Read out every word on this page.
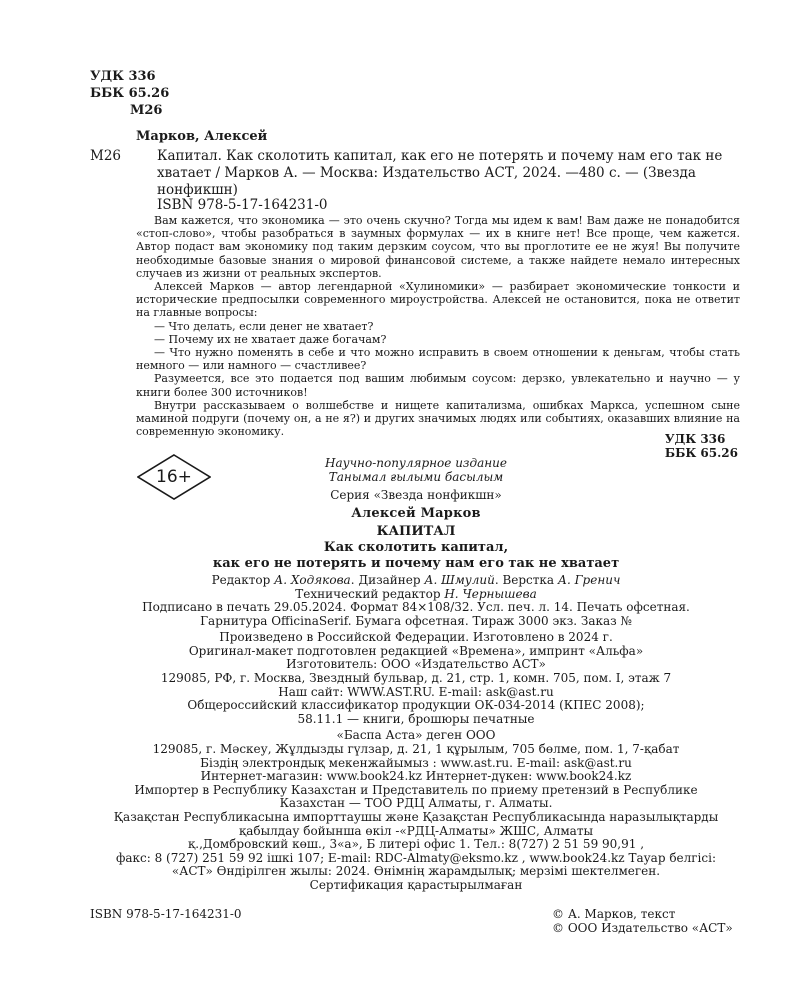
УДК 336
ББК 65.26
М26
Марков, Алексей
М26	Капитал. Как сколотить капитал, как его не потерять и почему нам его так не хватает / Марков А. — Москва: Издательство АСТ, 2024. —480 с. — (Звезда нонфикшн)
ISBN 978-5-17-164231-0

Вам кажется, что экономика — это очень скучно? Тогда мы идем к вам! Вам даже не понадобится «стоп-слово», чтобы разобраться в заумных формулах — их в книге нет! Все проще, чем кажется. Автор подаст вам экономику под таким дерзким соусом, что вы проглотите ее не жуя! Вы получите необходимые базовые знания о мировой финансовой системе, а также найдете немало интересных случаев из жизни от реальных экспертов.

Алексей Марков — автор легендарной «Хулиномики» — разбирает экономические тонкости и исторические предпосылки современного мироустройства. Алексей не остановится, пока не ответит на главные вопросы:

— Что делать, если денег не хватает?

— Почему их не хватает даже богачам?

— Что нужно поменять в себе и что можно исправить в своем отношении к деньгам, чтобы стать немного — или намного — счастливее?

Разумеется, все это подается под вашим любимым соусом: дерзко, увлекательно и научно — у книги более 300 источников!

Внутри рассказываем о волшебстве и нищете капитализма, ошибках Маркса, успешном сыне маминой подруги (почему он, а не я?) и других значимых людях или событиях, оказавших влияние на современную экономику.

УДК 336
ББК 65.26
16+
Научно-популярное издание
Танымал ғылыми басылым
Серия «Звезда нонфикшн»
Алексей Марков
КАПИТАЛ
Как сколотить капитал,
как его не потерять и почему нам его так не хватает
Редактор А. Ходякова. Дизайнер А. Шмулий. Верстка А. Гренич
Технический редактор Н. Чернышева
Подписано в печать 29.05.2024. Формат 84×108/32. Усл. печ. л. 14. Печать офсетная.
Гарнитура OfficinaSerif. Бумага офсетная. Тираж 3000 экз. Заказ №
Произведено в Российской Федерации. Изготовлено в 2024 г.
Оригинал-макет подготовлен редакцией «Времена», импринт «Альфа»
Изготовитель: ООО «Издательство АСТ»
129085, РФ, г. Москва, Звездный бульвар, д. 21, стр. 1, комн. 705, пом. I, этаж 7
Наш сайт: WWW.AST.RU. E-mail: ask@ast.ru
Общероссийский классификатор продукции ОК-034-2014 (КПЕС 2008);
58.11.1 — книги, брошюры печатные
«Баспа Аста» деген ООО
129085, г. Мәскеу, Жұлдызды гүлзар, д. 21, 1 құрылым, 705 бөлме, пом. 1, 7-қабат
Біздің электрондық мекенжайымыз : www.ast.ru. E-mail: ask@ast.ru
Интернет-магазин: www.book24.kz Интернет-дүкен: www.book24.kz
Импортер в Республику Казахстан и Представитель по приему претензий в Республике
Казахстан — ТОО РДЦ Алматы, г. Алматы.
Қазақстан Республикасына импорттаушы және Қазақстан Республикасында наразылықтарды
қабылдау бойынша өкіл -«РДЦ-Алматы» ЖШС, Алматы
қ.,Домбровский көш., 3«а», Б литері офис 1. Тел.: 8(727) 2 51 59 90,91 ,
факс: 8 (727) 251 59 92 ішкі 107; E-mail: RDC-Almaty@eksmo.kz , www.book24.kz Тауар белгісі:
«АСТ» Өндірілген жылы: 2024. Өнімнің жарамдылық; мерзімі шектелмеген.
Сертификация қарастырылмаған
ISBN 978-5-17-164231-0	© А. Марков, текст
© ООО Издательство «АСТ»
